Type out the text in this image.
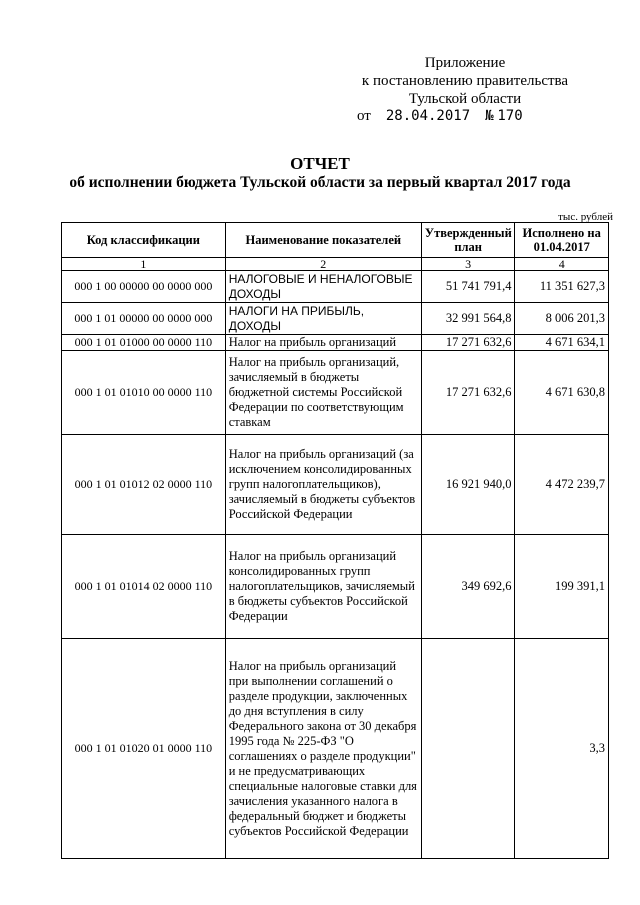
Приложение
к постановлению правительства
Тульской области
от 28.04.2017 № 170
ОТЧЕТ
об исполнении бюджета Тульской области за первый квартал 2017 года
тыс. рублей
Код классификации	Наименование показателей	Утвержденный план	Исполнено на 01.04.2017
1	2	3	4
000 1 00 00000 00 0000 000	НАЛОГОВЫЕ И НЕНАЛОГОВЫЕ ДОХОДЫ	51 741 791,4	11 351 627,3
000 1 01 00000 00 0000 000	НАЛОГИ НА ПРИБЫЛЬ, ДОХОДЫ	32 991 564,8	8 006 201,3
000 1 01 01000 00 0000 110	Налог на прибыль организаций	17 271 632,6	4 671 634,1
000 1 01 01010 00 0000 110	Налог на прибыль организаций, зачисляемый в бюджеты бюджетной системы Российской Федерации по соответствующим ставкам	17 271 632,6	4 671 630,8
000 1 01 01012 02 0000 110	Налог на прибыль организаций (за исключением консолидированных групп налогоплательщиков), зачисляемый в бюджеты субъектов Российской Федерации	16 921 940,0	4 472 239,7
000 1 01 01014 02 0000 110	Налог на прибыль организаций консолидированных групп налогоплательщиков, зачисляемый в бюджеты субъектов Российской Федерации	349 692,6	199 391,1
000 1 01 01020 01 0000 110	Налог на прибыль организаций при выполнении соглашений о разделе продукции, заключенных до дня вступления в силу Федерального закона от 30 декабря 1995 года № 225-ФЗ "О соглашениях о разделе продукции" и не предусматривающих специальные налоговые ставки для зачисления указанного налога в федеральный бюджет и бюджеты субъектов Российской Федерации		3,3
